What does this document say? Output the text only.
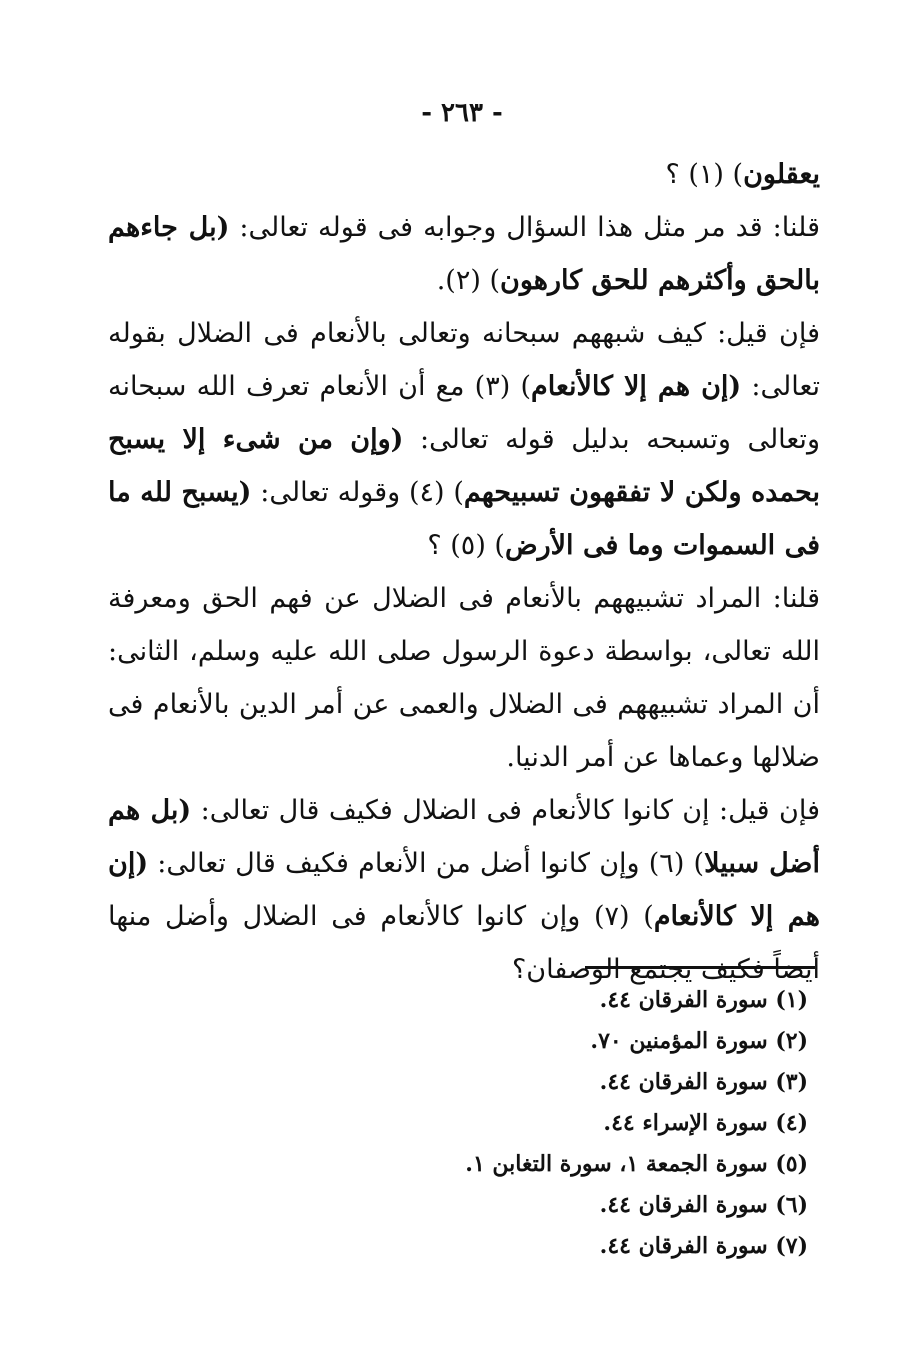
- ٢٦٣ -

يعقلون) (١) ؟

قلنا: قد مر مثل هذا السؤال وجوابه فى قوله تعالى: (بل جاءهم بالحق وأكثرهم للحق كارهون) (٢).

فإن قيل: كيف شبههم سبحانه وتعالى بالأنعام فى الضلال بقوله تعالى: (إن هم إلا كالأنعام) (٣) مع أن الأنعام تعرف الله سبحانه وتعالى وتسبحه بدليل قوله تعالى: (وإن من شىء إلا يسبح بحمده ولكن لا تفقهون تسبيحهم) (٤) وقوله تعالى: (يسبح لله ما فى السموات وما فى الأرض) (٥) ؟

قلنا: المراد تشبيههم بالأنعام فى الضلال عن فهم الحق ومعرفة الله تعالى، بواسطة دعوة الرسول صلى الله عليه وسلم، الثانى: أن المراد تشبيههم فى الضلال والعمى عن أمر الدين بالأنعام فى ضلالها وعماها عن أمر الدنيا.

فإن قيل: إن كانوا كالأنعام فى الضلال فكيف قال تعالى: (بل هم أضل سبيلا) (٦) وإن كانوا أضل من الأنعام فكيف قال تعالى: (إن هم إلا كالأنعام) (٧) وإن كانوا كالأنعام فى الضلال وأضل منها أيضاً فكيف يجتمع الوصفان؟

(١) سورة الفرقان ٤٤.
(٢) سورة المؤمنين ٧٠.
(٣) سورة الفرقان ٤٤.
(٤) سورة الإسراء ٤٤.
(٥) سورة الجمعة ١، سورة التغابن ١.
(٦) سورة الفرقان ٤٤.
(٧) سورة الفرقان ٤٤.
